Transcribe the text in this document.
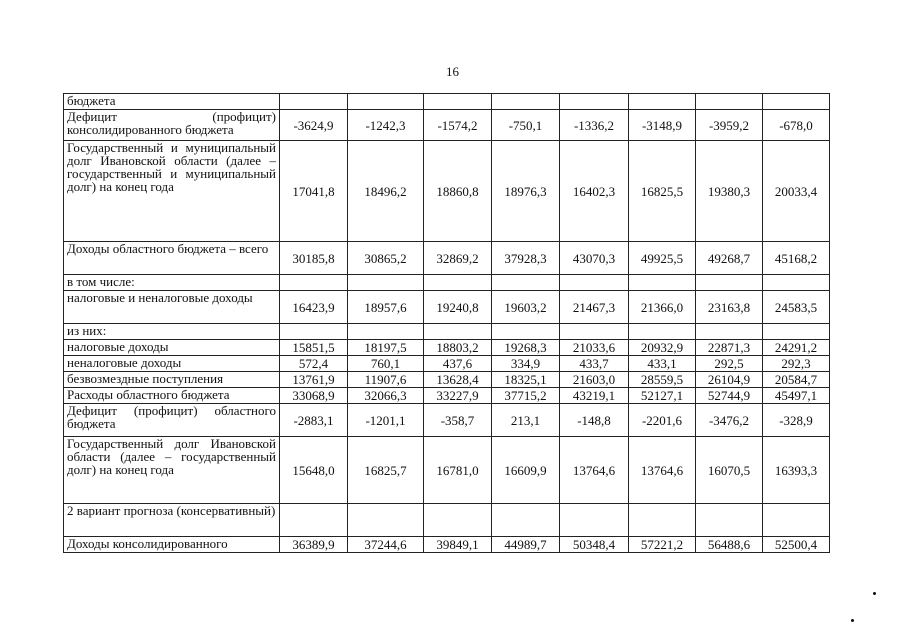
16
бюджета								
Дефицит (профицит) консолидированного бюджета	-3624,9	-1242,3	-1574,2	-750,1	-1336,2	-3148,9	-3959,2	-678,0
Государственный и муниципальный долг Ивановской области (далее – государственный и муниципальный долг) на конец года	17041,8	18496,2	18860,8	18976,3	16402,3	16825,5	19380,3	20033,4
Доходы областного бюджета – всего	30185,8	30865,2	32869,2	37928,3	43070,3	49925,5	49268,7	45168,2
в том числе:								
налоговые и неналоговые доходы	16423,9	18957,6	19240,8	19603,2	21467,3	21366,0	23163,8	24583,5
из них:								
налоговые доходы	15851,5	18197,5	18803,2	19268,3	21033,6	20932,9	22871,3	24291,2
неналоговые доходы	572,4	760,1	437,6	334,9	433,7	433,1	292,5	292,3
безвозмездные поступления	13761,9	11907,6	13628,4	18325,1	21603,0	28559,5	26104,9	20584,7
Расходы областного бюджета	33068,9	32066,3	33227,9	37715,2	43219,1	52127,1	52744,9	45497,1
Дефицит (профицит) областного бюджета	-2883,1	-1201,1	-358,7	213,1	-148,8	-2201,6	-3476,2	-328,9
Государственный долг Ивановской области (далее – государственный долг) на конец года	15648,0	16825,7	16781,0	16609,9	13764,6	13764,6	16070,5	16393,3
2 вариант прогноза (консервативный)								
Доходы консолидированного	36389,9	37244,6	39849,1	44989,7	50348,4	57221,2	56488,6	52500,4
